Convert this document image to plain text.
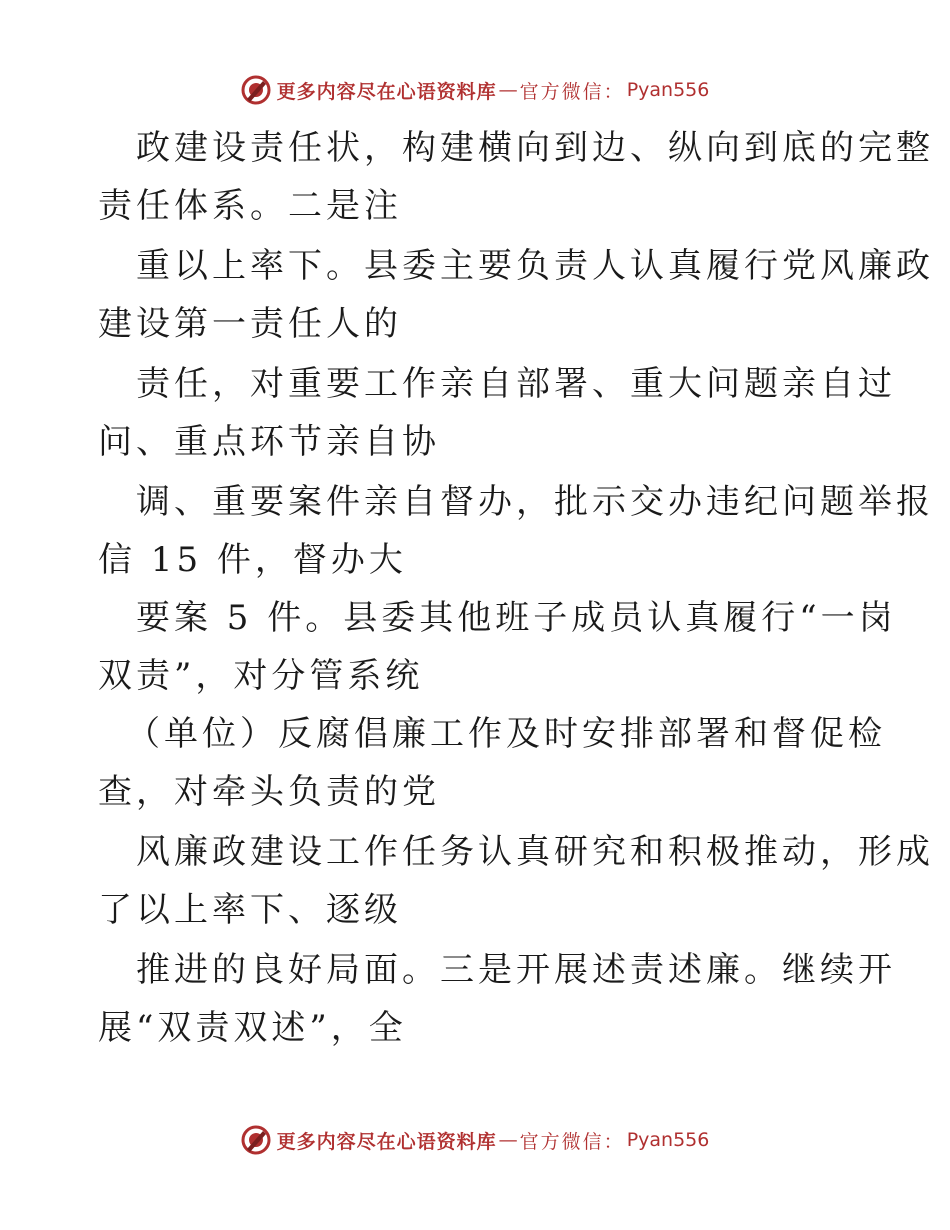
更多内容尽在心语资料库 — 官方微信： Pyan556
政建设责任状，构建横向到边、纵向到底的完整
责任体系。二是注
重以上率下。县委主要负责人认真履行党风廉政
建设第一责任人的
责任，对重要工作亲自部署、重大问题亲自过
问、重点环节亲自协
调、重要案件亲自督办，批示交办违纪问题举报
信 15 件，督办大
要案 5 件。县委其他班子成员认真履行“一岗
双责”，对分管系统
（单位）反腐倡廉工作及时安排部署和督促检
查，对牵头负责的党
风廉政建设工作任务认真研究和积极推动，形成
了以上率下、逐级
推进的良好局面。三是开展述责述廉。继续开
展“双责双述”，全
更多内容尽在心语资料库 — 官方微信： Pyan556
